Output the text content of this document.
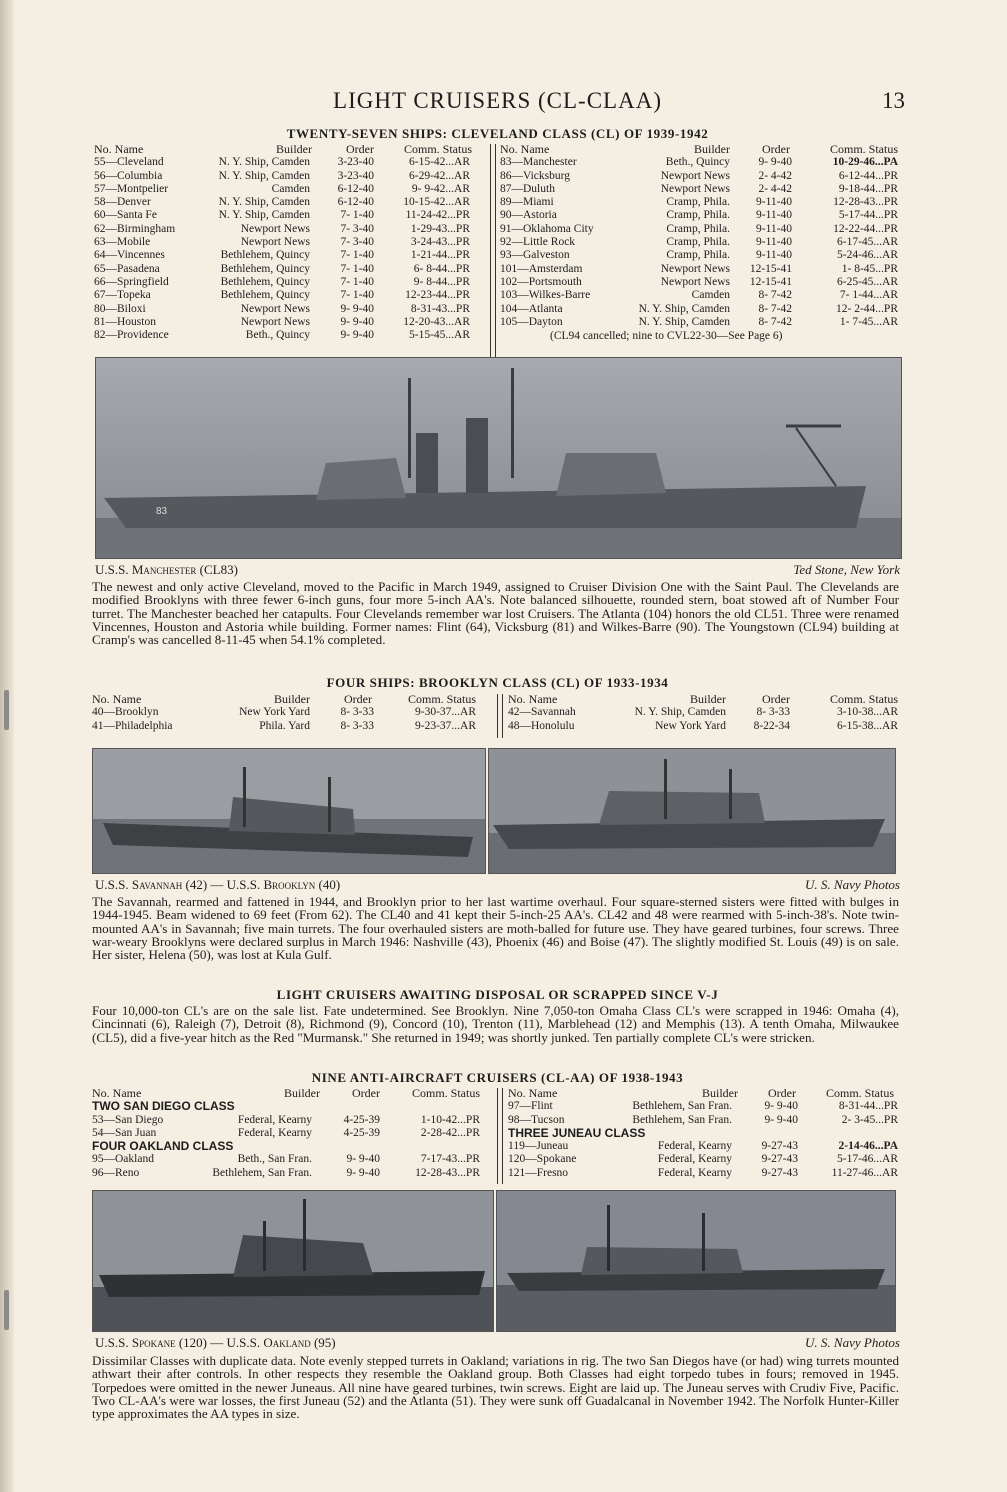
LIGHT CRUISERS (CL-CLAA)	13
TWENTY-SEVEN SHIPS: CLEVELAND CLASS (CL) OF 1939-1942
No. Name	Builder	Order	Comm. Status
55—Cleveland	N. Y. Ship, Camden	3-23-40	6-15-42...AR
56—Columbia	N. Y. Ship, Camden	3-23-40	6-29-42...AR
57—Montpelier	Camden	6-12-40	9- 9-42...AR
58—Denver	N. Y. Ship, Camden	6-12-40	10-15-42...AR
60—Santa Fe	N. Y. Ship, Camden	7- 1-40	11-24-42...PR
62—Birmingham	Newport News	7- 3-40	1-29-43...PR
63—Mobile	Newport News	7- 3-40	3-24-43...PR
64—Vincennes	Bethlehem, Quincy	7- 1-40	1-21-44...PR
65—Pasadena	Bethlehem, Quincy	7- 1-40	6- 8-44...PR
66—Springfield	Bethlehem, Quincy	7- 1-40	9- 8-44...PR
67—Topeka	Bethlehem, Quincy	7- 1-40	12-23-44...PR
80—Biloxi	Newport News	9- 9-40	8-31-43...PR
81—Houston	Newport News	9- 9-40	12-20-43...AR
82—Providence	Beth., Quincy	9- 9-40	5-15-45...AR
No. Name	Builder	Order	Comm. Status
83—Manchester	Beth., Quincy	9- 9-40	10-29-46...PA
86—Vicksburg	Newport News	2- 4-42	6-12-44...PR
87—Duluth	Newport News	2- 4-42	9-18-44...PR
89—Miami	Cramp, Phila.	9-11-40	12-28-43...PR
90—Astoria	Cramp, Phila.	9-11-40	5-17-44...PR
91—Oklahoma City	Cramp, Phila.	9-11-40	12-22-44...PR
92—Little Rock	Cramp, Phila.	9-11-40	6-17-45...AR
93—Galveston	Cramp, Phila.	9-11-40	5-24-46...AR
101—Amsterdam	Newport News	12-15-41	1- 8-45...PR
102—Portsmouth	Newport News	12-15-41	6-25-45...AR
103—Wilkes-Barre	Camden	8- 7-42	7- 1-44...AR
104—Atlanta	N. Y. Ship, Camden	8- 7-42	12- 2-44...PR
105—Dayton	N. Y. Ship, Camden	8- 7-42	1- 7-45...AR
(CL94 cancelled; nine to CVL22-30—See Page 6)
83
U.S.S. Manchester (CL83)	Ted Stone, New York

The newest and only active Cleveland, moved to the Pacific in March 1949, assigned to Cruiser Division One with the Saint Paul. The Clevelands are modified Brooklyns with three fewer 6-inch guns, four more 5-inch AA's. Note balanced silhouette, rounded stern, boat stowed aft of Number Four turret. The Manchester beached her catapults. Four Clevelands remember war lost Cruisers. The Atlanta (104) honors the old CL51. Three were renamed Vincennes, Houston and Astoria while building. Former names: Flint (64), Vicksburg (81) and Wilkes-Barre (90). The Youngstown (CL94) building at Cramp's was cancelled 8-11-45 when 54.1% completed.

FOUR SHIPS: BROOKLYN CLASS (CL) OF 1933-1934
No. Name	Builder	Order	Comm. Status
40—Brooklyn	New York Yard	8- 3-33	9-30-37...AR
41—Philadelphia	Phila. Yard	8- 3-33	9-23-37...AR
No. Name	Builder	Order	Comm. Status
42—Savannah	N. Y. Ship, Camden	8- 3-33	3-10-38...AR
48—Honolulu	New York Yard	8-22-34	6-15-38...AR
U.S.S. Savannah (42) — U.S.S. Brooklyn (40)	U. S. Navy Photos

The Savannah, rearmed and fattened in 1944, and Brooklyn prior to her last wartime overhaul. Four square-sterned sisters were fitted with bulges in 1944-1945. Beam widened to 69 feet (From 62). The CL40 and 41 kept their 5-inch-25 AA's. CL42 and 48 were rearmed with 5-inch-38's. Note twin-mounted AA's in Savannah; five main turrets. The four overhauled sisters are moth-balled for future use. They have geared turbines, four screws. Three war-weary Brooklyns were declared surplus in March 1946: Nashville (43), Phoenix (46) and Boise (47). The slightly modified St. Louis (49) is on sale. Her sister, Helena (50), was lost at Kula Gulf.

LIGHT CRUISERS AWAITING DISPOSAL OR SCRAPPED SINCE V-J

Four 10,000-ton CL's are on the sale list. Fate undetermined. See Brooklyn. Nine 7,050-ton Omaha Class CL's were scrapped in 1946: Omaha (4), Cincinnati (6), Raleigh (7), Detroit (8), Richmond (9), Concord (10), Trenton (11), Marblehead (12) and Memphis (13). A tenth Omaha, Milwaukee (CL5), did a five-year hitch as the Red "Murmansk." She returned in 1949; was shortly junked. Ten partially complete CL's were stricken.

NINE ANTI-AIRCRAFT CRUISERS (CL-AA) OF 1938-1943
No. Name	Builder	Order	Comm. Status
TWO SAN DIEGO CLASS
53—San Diego	Federal, Kearny	4-25-39	1-10-42...PR
54—San Juan	Federal, Kearny	4-25-39	2-28-42...PR
FOUR OAKLAND CLASS
95—Oakland	Beth., San Fran.	9- 9-40	7-17-43...PR
96—Reno	Bethlehem, San Fran.	9- 9-40	12-28-43...PR
No. Name	Builder	Order	Comm. Status
97—Flint	Bethlehem, San Fran.	9- 9-40	8-31-44...PR
98—Tucson	Bethlehem, San Fran.	9- 9-40	2- 3-45...PR
THREE JUNEAU CLASS
119—Juneau	Federal, Kearny	9-27-43	2-14-46...PA
120—Spokane	Federal, Kearny	9-27-43	5-17-46...AR
121—Fresno	Federal, Kearny	9-27-43	11-27-46...AR
U.S.S. Spokane (120) — U.S.S. Oakland (95)	U. S. Navy Photos

Dissimilar Classes with duplicate data. Note evenly stepped turrets in Oakland; variations in rig. The two San Diegos have (or had) wing turrets mounted athwart their after controls. In other respects they resemble the Oakland group. Both Classes had eight torpedo tubes in fours; removed in 1945. Torpedoes were omitted in the newer Juneaus. All nine have geared turbines, twin screws. Eight are laid up. The Juneau serves with Crudiv Five, Pacific. Two CL-AA's were war losses, the first Juneau (52) and the Atlanta (51). They were sunk off Guadalcanal in November 1942. The Norfolk Hunter-Killer type approximates the AA types in size.
